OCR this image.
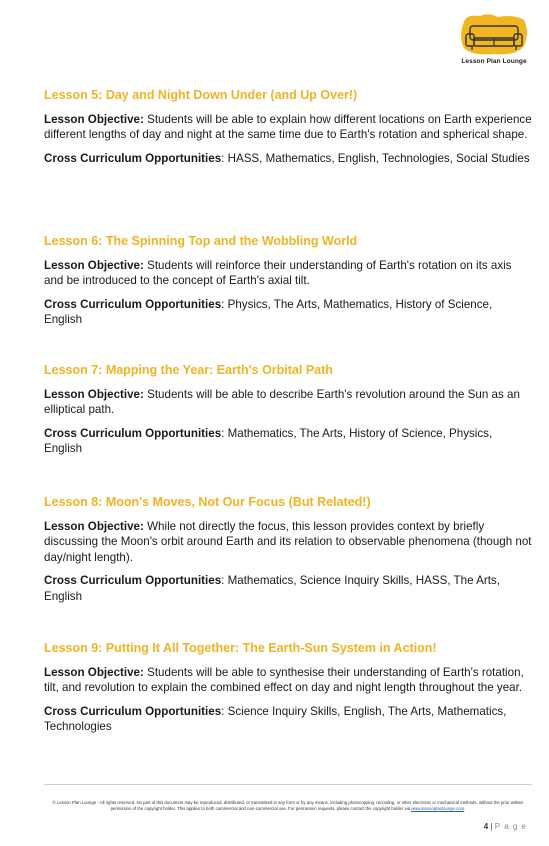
Lesson Plan Lounge
Lesson 5: Day and Night Down Under (and Up Over!)

Lesson Objective: Students will be able to explain how different locations on Earth experience different lengths of day and night at the same time due to Earth's rotation and spherical shape.

Cross Curriculum Opportunities: HASS, Mathematics, English, Technologies, Social Studies

Lesson 6: The Spinning Top and the Wobbling World

Lesson Objective: Students will reinforce their understanding of Earth's rotation on its axis and be introduced to the concept of Earth's axial tilt.

Cross Curriculum Opportunities: Physics, The Arts, Mathematics, History of Science, English

Lesson 7: Mapping the Year: Earth's Orbital Path

Lesson Objective: Students will be able to describe Earth's revolution around the Sun as an elliptical path.

Cross Curriculum Opportunities: Mathematics, The Arts, History of Science, Physics, English

Lesson 8: Moon's Moves, Not Our Focus (But Related!)

Lesson Objective: While not directly the focus, this lesson provides context by briefly discussing the Moon's orbit around Earth and its relation to observable phenomena (though not day/night length).

Cross Curriculum Opportunities: Mathematics, Science Inquiry Skills, HASS, The Arts, English

Lesson 9: Putting It All Together: The Earth-Sun System in Action!

Lesson Objective: Students will be able to synthesise their understanding of Earth's rotation, tilt, and revolution to explain the combined effect on day and night length throughout the year.

Cross Curriculum Opportunities: Science Inquiry Skills, English, The Arts, Mathematics, Technologies

© Lesson Plan Lounge - All rights reserved. No part of this document may be reproduced, distributed, or transmitted in any form or by any means, including photocopying, recording, or other electronic or mechanical methods, without the prior written permission of the copyright holder. This applies to both commercial and non-commercial use. For permission requests, please contact the copyright holder via www.lessonplanlounge.com.
4 | P a g e
